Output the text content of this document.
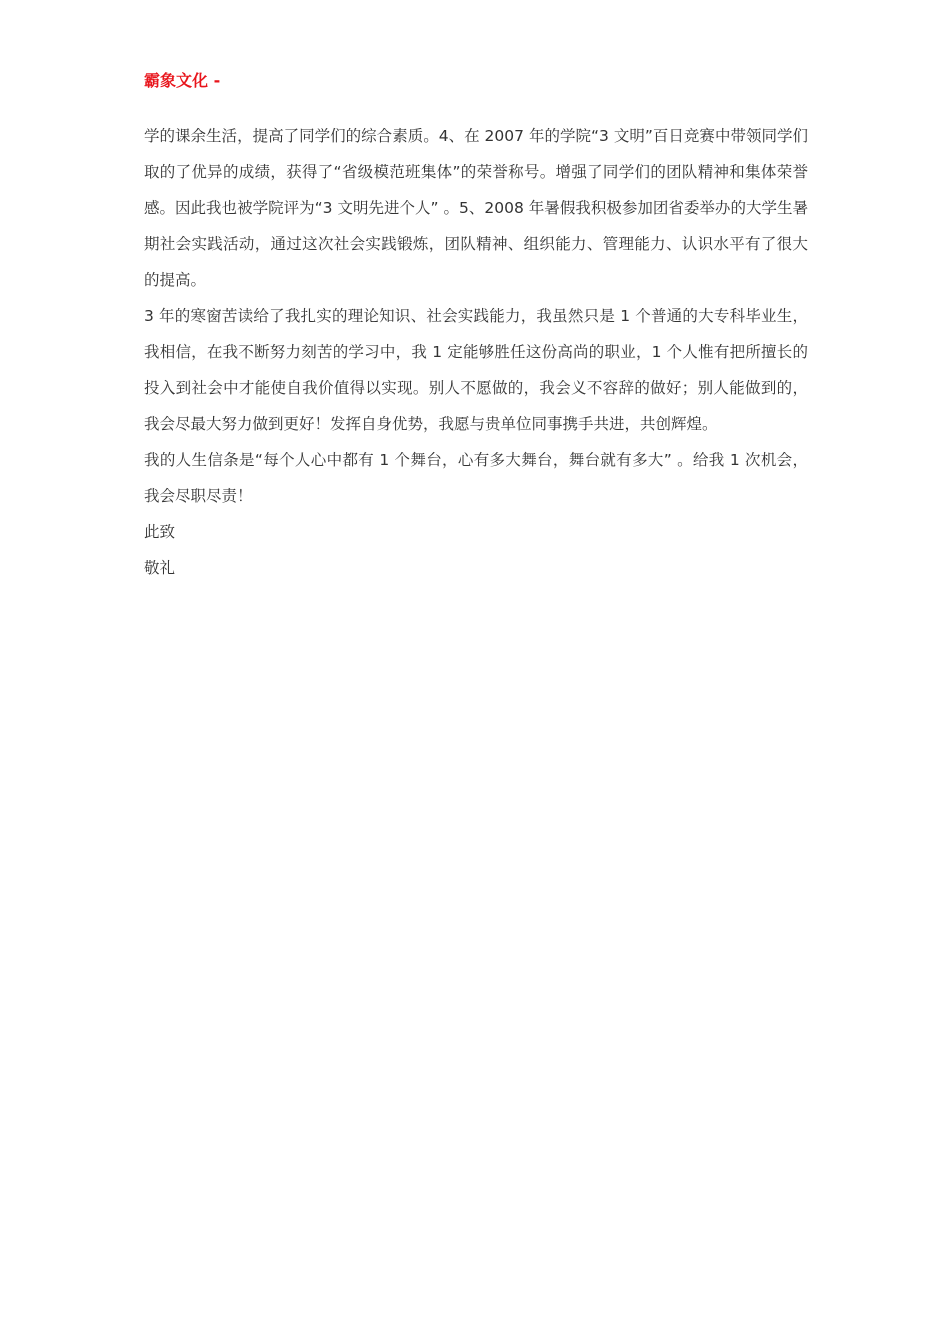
霸象文化 -

学的课余生活，提高了同学们的综合素质。4、在 2007 年的学院“3 文明”百日竞赛中带领同学们取的了优异的成绩，获得了“省级模范班集体”的荣誉称号。增强了同学们的团队精神和集体荣誉感。因此我也被学院评为“3 文明先进个人” 。5、2008 年暑假我积极参加团省委举办的大学生暑期社会实践活动，通过这次社会实践锻炼，团队精神、组织能力、管理能力、认识水平有了很大的提高。

3 年的寒窗苦读给了我扎实的理论知识、社会实践能力，我虽然只是 1 个普通的大专科毕业生，我相信，在我不断努力刻苦的学习中，我 1 定能够胜任这份高尚的职业，1 个人惟有把所擅长的投入到社会中才能使自我价值得以实现。别人不愿做的，我会义不容辞的做好；别人能做到的，我会尽最大努力做到更好！发挥自身优势，我愿与贵单位同事携手共进，共创辉煌。

我的人生信条是“每个人心中都有 1 个舞台，心有多大舞台，舞台就有多大” 。给我 1 次机会，我会尽职尽责！

此致

敬礼
